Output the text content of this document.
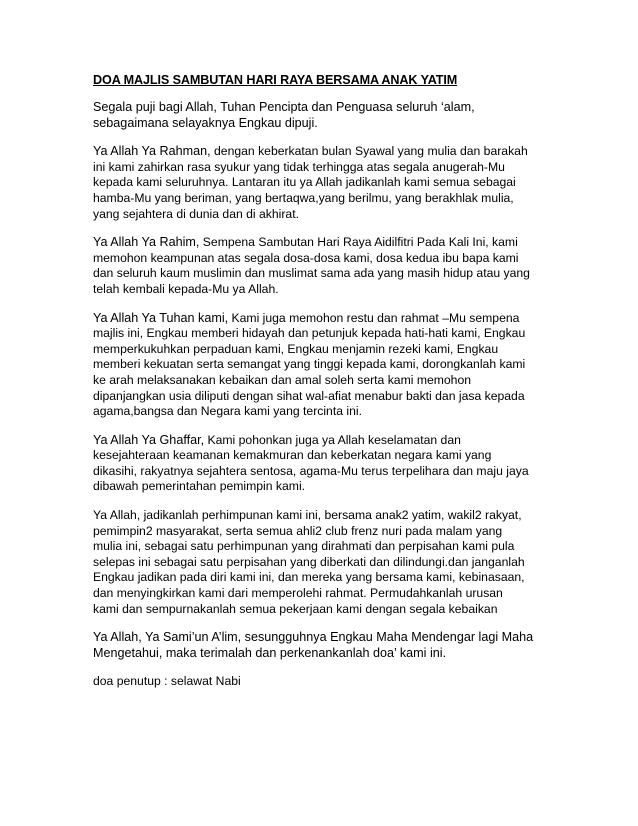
DOA MAJLIS SAMBUTAN HARI RAYA BERSAMA ANAK YATIM
Segala puji bagi Allah, Tuhan Pencipta dan Penguasa seluruh ‘alam,
sebagaimana selayaknya Engkau dipuji.
Ya Allah Ya Rahman, dengan keberkatan bulan Syawal yang mulia dan barakah
ini kami zahirkan rasa syukur yang tidak terhingga atas segala anugerah-Mu
kepada kami seluruhnya. Lantaran itu ya Allah jadikanlah kami semua sebagai
hamba-Mu yang beriman, yang bertaqwa,yang berilmu, yang berakhlak mulia,
yang sejahtera di dunia dan di akhirat.
Ya Allah Ya Rahim, Sempena Sambutan Hari Raya Aidilfitri Pada Kali Ini, kami
memohon keampunan atas segala dosa-dosa kami, dosa kedua ibu bapa kami
dan seluruh kaum muslimin dan muslimat sama ada yang masih hidup atau yang
telah kembali kepada-Mu ya Allah.
Ya Allah Ya Tuhan kami, Kami juga memohon restu dan rahmat –Mu sempena
majlis ini, Engkau memberi hidayah dan petunjuk kepada hati-hati kami, Engkau
memperkukuhkan perpaduan kami, Engkau menjamin rezeki kami, Engkau
memberi kekuatan serta semangat yang tinggi kepada kami, dorongkanlah kami
ke arah melaksanakan kebaikan dan amal soleh serta kami memohon
dipanjangkan usia diliputi dengan sihat wal-afiat menabur bakti dan jasa kepada
agama,bangsa dan Negara kami yang tercinta ini.
Ya Allah Ya Ghaffar, Kami pohonkan juga ya Allah keselamatan dan
kesejahteraan keamanan kemakmuran dan keberkatan negara kami yang
dikasihi, rakyatnya sejahtera sentosa, agama-Mu terus terpelihara dan maju jaya
dibawah pemerintahan pemimpin kami.
Ya Allah, jadikanlah perhimpunan kami ini, bersama anak2 yatim, wakil2 rakyat,
pemimpin2 masyarakat, serta semua ahli2 club frenz nuri pada malam yang
mulia ini, sebagai satu perhimpunan yang dirahmati dan perpisahan kami pula
selepas ini sebagai satu perpisahan yang diberkati dan dilindungi.dan janganlah
Engkau jadikan pada diri kami ini, dan mereka yang bersama kami, kebinasaan,
dan menyingkirkan kami dari memperolehi rahmat. Permudahkanlah urusan
kami dan sempurnakanlah semua pekerjaan kami dengan segala kebaikan
Ya Allah, Ya Sami’un A’lim, sesungguhnya Engkau Maha Mendengar lagi Maha
Mengetahui, maka terimalah dan perkenankanlah doa’ kami ini.
doa penutup : selawat Nabi
